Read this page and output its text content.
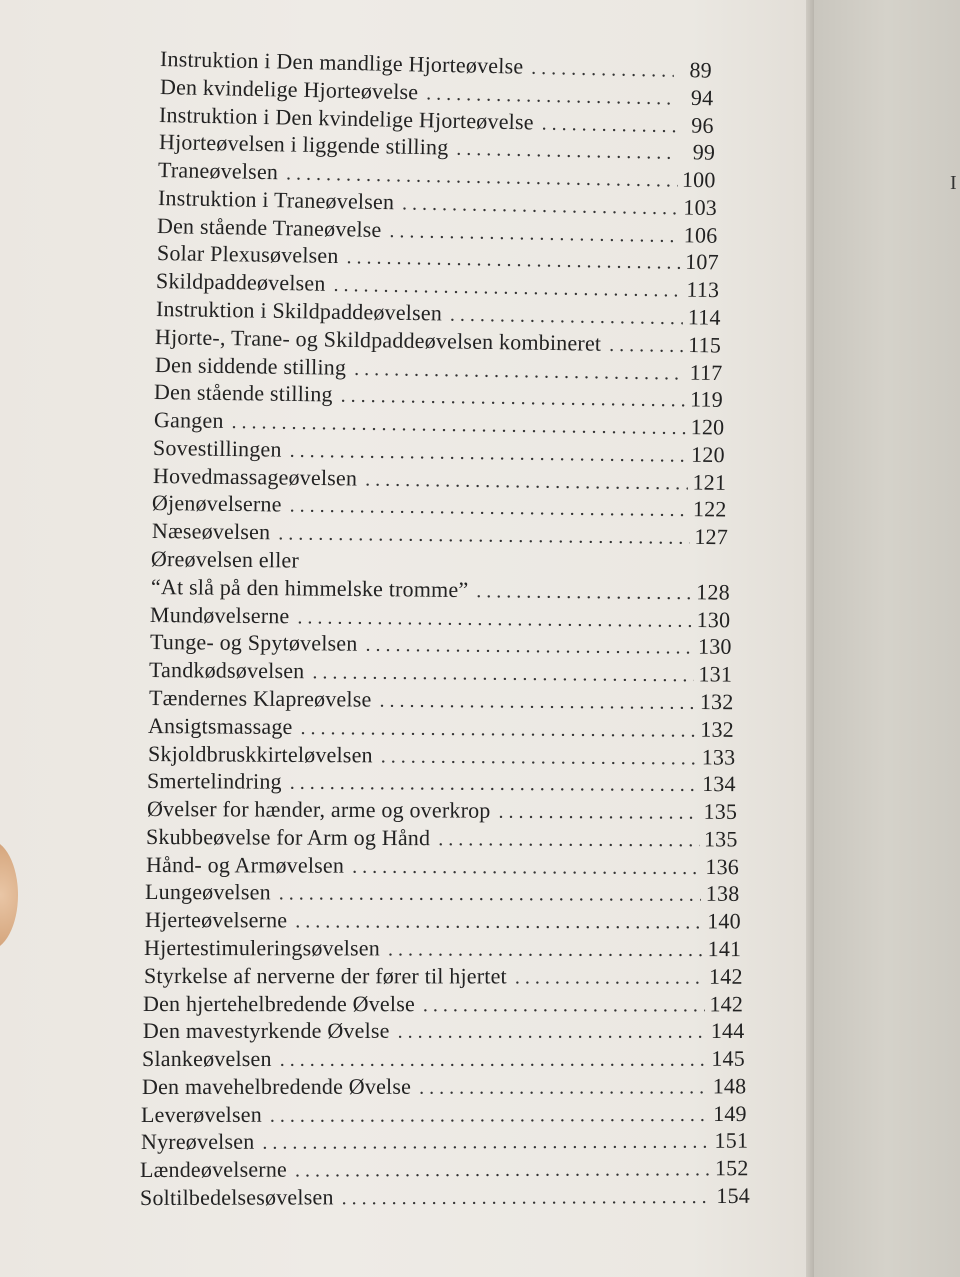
I
Instruktion i Den mandlige Hjorteøvelse . . .	89
Den kvindelige Hjorteøvelse . . .	94
Instruktion i Den kvindelige Hjorteøvelse . . .	96
Hjorteøvelsen i liggende stilling . . .	99
Traneøvelsen . . .	100
Instruktion i Traneøvelsen . . .	103
Den stående Traneøvelse . . .	106
Solar Plexusøvelsen . . .	107
Skildpaddeøvelsen . . .	113
Instruktion i Skildpaddeøvelsen . . .	114
Hjorte-, Trane- og Skildpaddeøvelsen kombineret . . .	115
Den siddende stilling . . .	117
Den stående stilling . . .	119
Gangen . . .	120
Sovestillingen . . .	120
Hovedmassageøvelsen . . .	121
Øjenøvelserne . . .	122
Næseøvelsen . . .	127
Øreøvelsen eller
“At slå på den himmelske tromme” . . .	128
Mundøvelserne . . .	130
Tunge- og Spytøvelsen . . .	130
Tandkødsøvelsen . . .	131
Tændernes Klapreøvelse . . .	132
Ansigtsmassage . . .	132
Skjoldbruskkirteløvelsen . . .	133
Smertelindring . . .	134
Øvelser for hænder, arme og overkrop . . .	135
Skubbeøvelse for Arm og Hånd . . .	135
Hånd- og Armøvelsen . . .	136
Lungeøvelsen . . .	138
Hjerteøvelserne . . .	140
Hjertestimuleringsøvelsen . . .	141
Styrkelse af nerverne der fører til hjertet . . .	142
Den hjertehelbredende Øvelse . . .	142
Den mavestyrkende Øvelse . . .	144
Slankeøvelsen . . .	145
Den mavehelbredende Øvelse . . .	148
Leverøvelsen . . .	149
Nyreøvelsen . . .	151
Lændeøvelserne . . .	152
Soltilbedelsesøvelsen . . .	154
